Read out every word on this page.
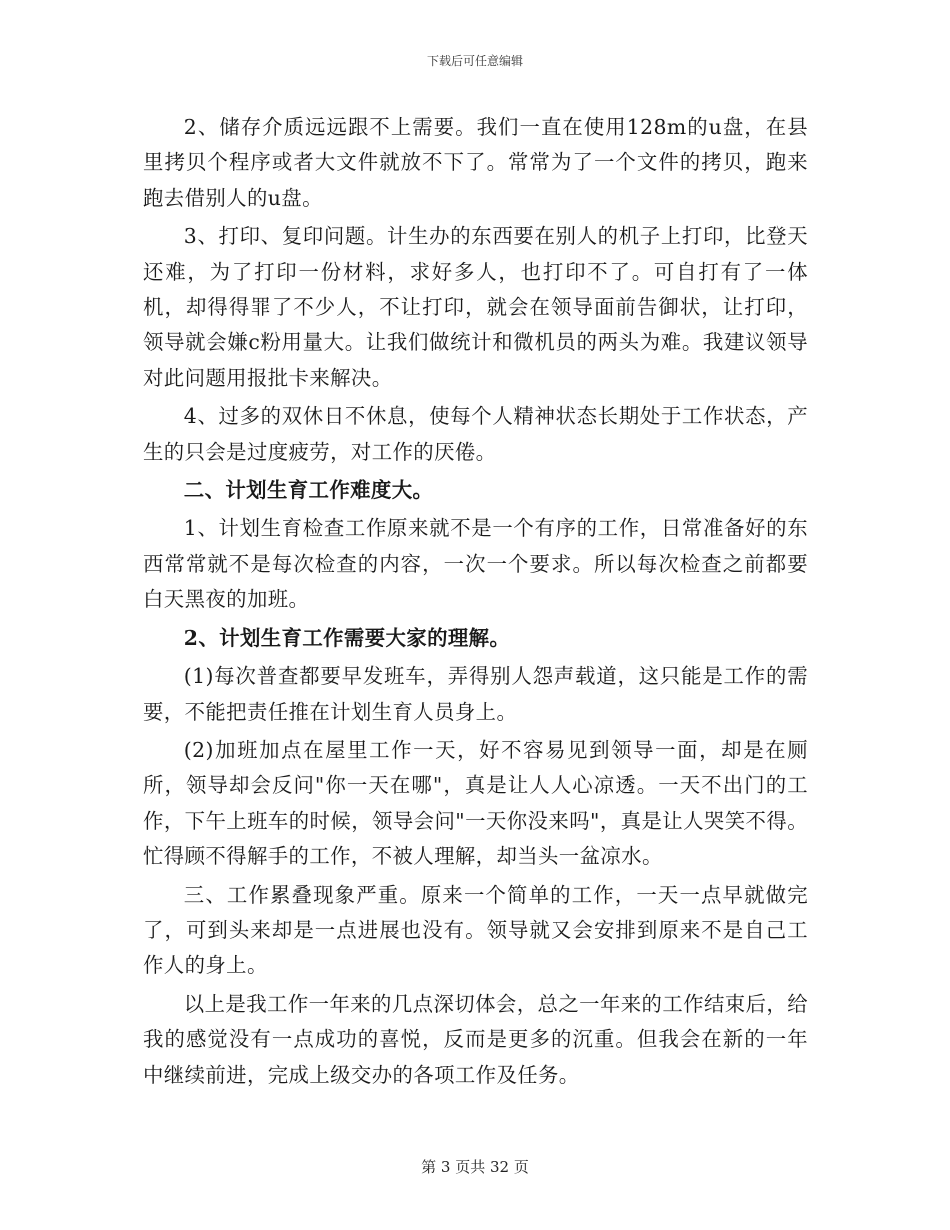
下载后可任意编辑

2、储存介质远远跟不上需要。我们一直在使用128m的u盘，在县里拷贝个程序或者大文件就放不下了。常常为了一个文件的拷贝，跑来跑去借别人的u盘。

3、打印、复印问题。计生办的东西要在别人的机子上打印，比登天还难，为了打印一份材料，求好多人，也打印不了。可自打有了一体机，却得得罪了不少人，不让打印，就会在领导面前告御状，让打印，领导就会嫌c粉用量大。让我们做统计和微机员的两头为难。我建议领导对此问题用报批卡来解决。

4、过多的双休日不休息，使每个人精神状态长期处于工作状态，产生的只会是过度疲劳，对工作的厌倦。

二、计划生育工作难度大。

1、计划生育检查工作原来就不是一个有序的工作，日常准备好的东西常常就不是每次检查的内容，一次一个要求。所以每次检查之前都要白天黑夜的加班。

2、计划生育工作需要大家的理解。

(1)每次普查都要早发班车，弄得别人怨声载道，这只能是工作的需要，不能把责任推在计划生育人员身上。

(2)加班加点在屋里工作一天，好不容易见到领导一面，却是在厕所，领导却会反问"你一天在哪"，真是让人人心凉透。一天不出门的工作，下午上班车的时候，领导会问"一天你没来吗"，真是让人哭笑不得。忙得顾不得解手的工作，不被人理解，却当头一盆凉水。

三、工作累叠现象严重。原来一个简单的工作，一天一点早就做完了，可到头来却是一点进展也没有。领导就又会安排到原来不是自己工作人的身上。

以上是我工作一年来的几点深切体会，总之一年来的工作结束后，给我的感觉没有一点成功的喜悦，反而是更多的沉重。但我会在新的一年中继续前进，完成上级交办的各项工作及任务。

第 3 页共 32 页
